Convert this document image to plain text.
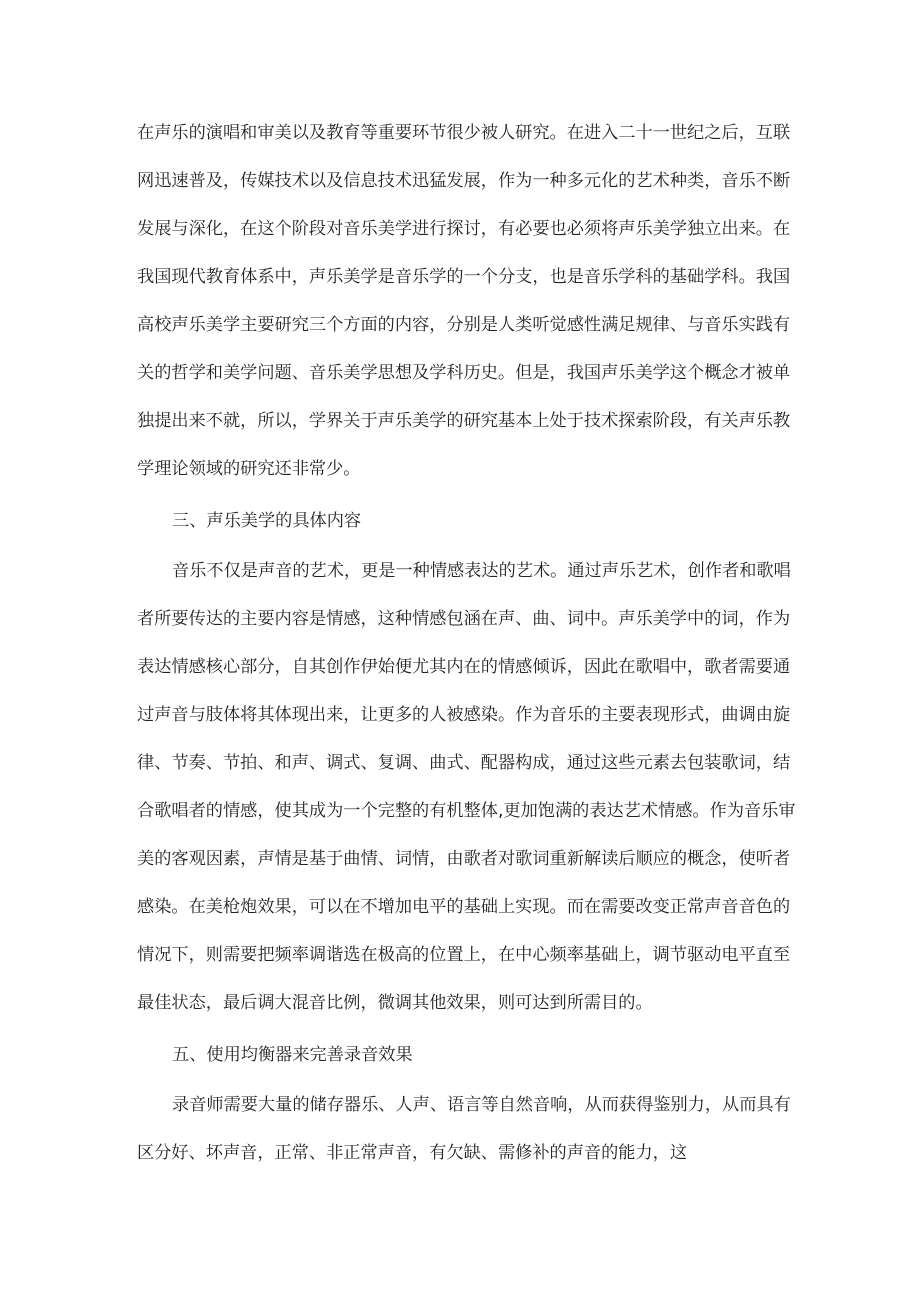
在声乐的演唱和审美以及教育等重要环节很少被人研究。在进入二十一世纪之后，互联
网迅速普及，传媒技术以及信息技术迅猛发展，作为一种多元化的艺术种类，音乐不断
发展与深化，在这个阶段对音乐美学进行探讨，有必要也必须将声乐美学独立出来。在
我国现代教育体系中，声乐美学是音乐学的一个分支，也是音乐学科的基础学科。我国
高校声乐美学主要研究三个方面的内容，分别是人类听觉感性满足规律、与音乐实践有
关的哲学和美学问题、音乐美学思想及学科历史。但是，我国声乐美学这个概念才被单
独提出来不就，所以，学界关于声乐美学的研究基本上处于技术探索阶段，有关声乐教
学理论领域的研究还非常少。
三、声乐美学的具体内容
音乐不仅是声音的艺术，更是一种情感表达的艺术。通过声乐艺术，创作者和歌唱
者所要传达的主要内容是情感，这种情感包涵在声、曲、词中。声乐美学中的词，作为
表达情感核心部分，自其创作伊始便尤其内在的情感倾诉，因此在歌唱中，歌者需要通
过声音与肢体将其体现出来，让更多的人被感染。作为音乐的主要表现形式，曲调由旋
律、节奏、节拍、和声、调式、复调、曲式、配器构成，通过这些元素去包装歌词，结
合歌唱者的情感，使其成为一个完整的有机整体,更加饱满的表达艺术情感。作为音乐审
美的客观因素，声情是基于曲情、词情，由歌者对歌词重新解读后顺应的概念，使听者
感染。在美枪炮效果，可以在不增加电平的基础上实现。而在需要改变正常声音音色的
情况下，则需要把频率调谐选在极高的位置上，在中心频率基础上，调节驱动电平直至
最佳状态，最后调大混音比例，微调其他效果，则可达到所需目的。
五、使用均衡器来完善录音效果
录音师需要大量的储存器乐、人声、语言等自然音响，从而获得鉴别力，从而具有
区分好、坏声音，正常、非正常声音，有欠缺、需修补的声音的能力，这
